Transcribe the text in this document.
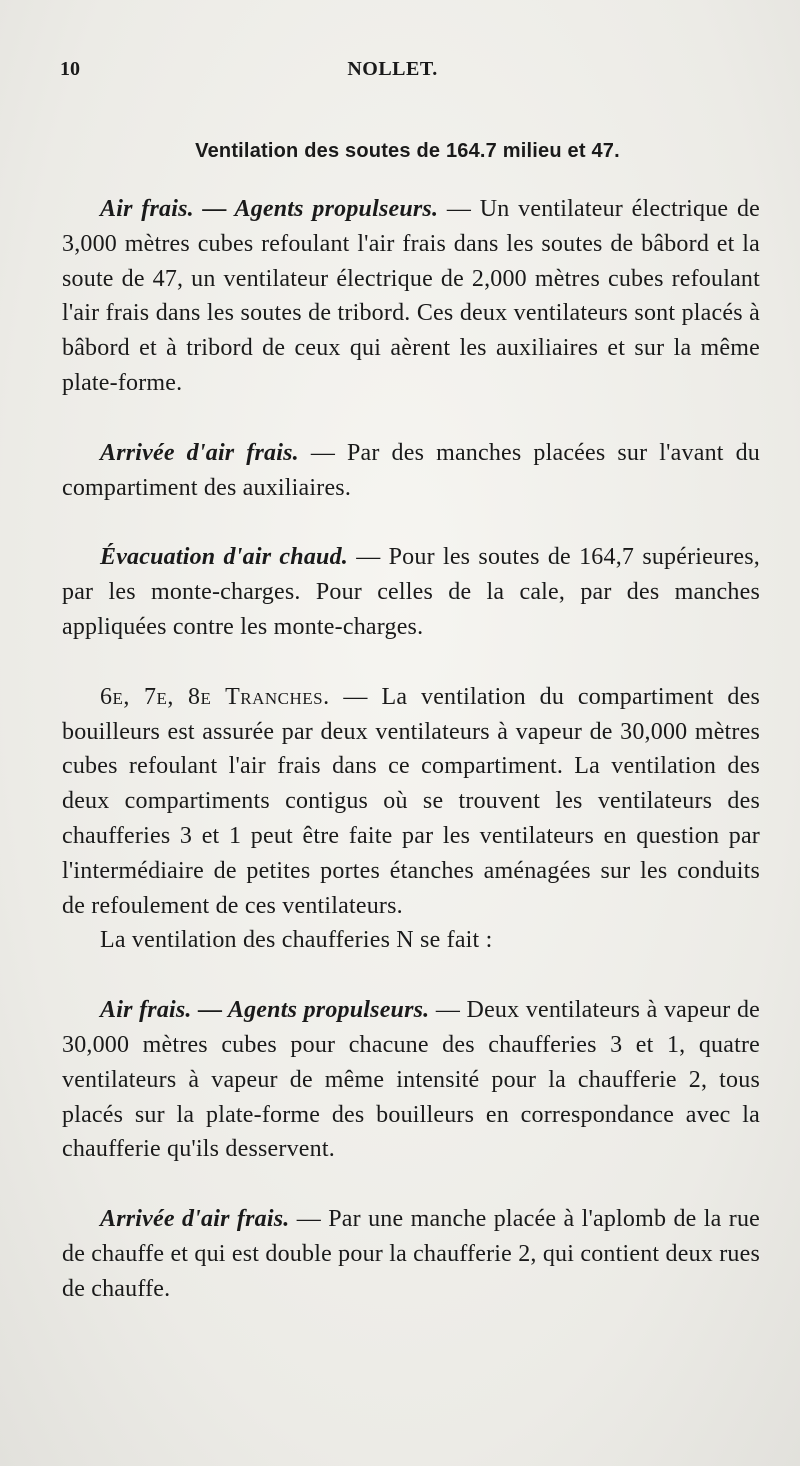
10	NOLLET.
Ventilation des soutes de 164.7 milieu et 47.

Air frais. — Agents propulseurs. — Un ventilateur électrique de 3,000 mètres cubes refoulant l'air frais dans les soutes de bâbord et la soute de 47, un ventilateur électrique de 2,000 mètres cubes refoulant l'air frais dans les soutes de tribord. Ces deux ventilateurs sont placés à bâbord et à tribord de ceux qui aèrent les auxiliaires et sur la même plate-forme.

Arrivée d'air frais. — Par des manches placées sur l'avant du compartiment des auxiliaires.

Évacuation d'air chaud. — Pour les soutes de 164,7 supérieures, par les monte-charges. Pour celles de la cale, par des manches appliquées contre les monte-charges.

6e, 7e, 8e Tranches. — La ventilation du compartiment des bouilleurs est assurée par deux ventilateurs à vapeur de 30,000 mètres cubes refoulant l'air frais dans ce compartiment. La ventilation des deux compartiments contigus où se trouvent les ventilateurs des chaufferies 3 et 1 peut être faite par les ventilateurs en question par l'intermédiaire de petites portes étanches aménagées sur les conduits de refoulement de ces ventilateurs.

La ventilation des chaufferies N se fait :

Air frais. — Agents propulseurs. — Deux ventilateurs à vapeur de 30,000 mètres cubes pour chacune des chaufferies 3 et 1, quatre ventilateurs à vapeur de même intensité pour la chaufferie 2, tous placés sur la plate-forme des bouilleurs en correspondance avec la chaufferie qu'ils desservent.

Arrivée d'air frais. — Par une manche placée à l'aplomb de la rue de chauffe et qui est double pour la chaufferie 2, qui contient deux rues de chauffe.
